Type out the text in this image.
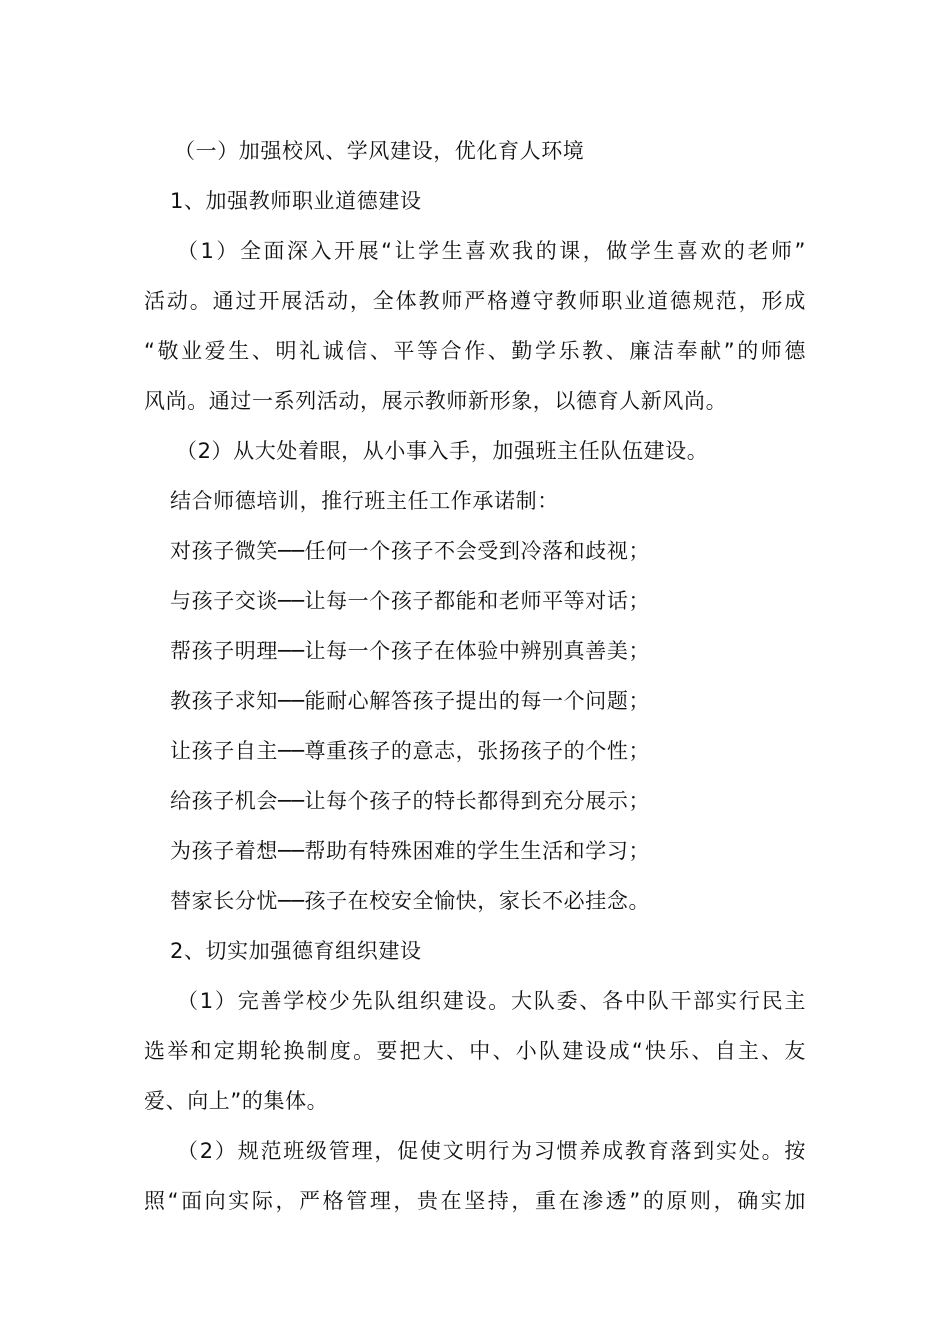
（一）加强校风、学风建设，优化育人环境
1、加强教师职业道德建设
（1）全面深入开展“让学生喜欢我的课，做学生喜欢的老师”
活动。通过开展活动，全体教师严格遵守教师职业道德规范，形成
“敬业爱生、明礼诚信、平等合作、勤学乐教、廉洁奉献”的师德
风尚。通过一系列活动，展示教师新形象，以德育人新风尚。
（2）从大处着眼，从小事入手，加强班主任队伍建设。
结合师德培训，推行班主任工作承诺制：
对孩子微笑──任何一个孩子不会受到冷落和歧视；
与孩子交谈──让每一个孩子都能和老师平等对话；
帮孩子明理──让每一个孩子在体验中辨别真善美；
教孩子求知──能耐心解答孩子提出的每一个问题；
让孩子自主──尊重孩子的意志，张扬孩子的个性；
给孩子机会──让每个孩子的特长都得到充分展示；
为孩子着想──帮助有特殊困难的学生生活和学习；
替家长分忧──孩子在校安全愉快，家长不必挂念。
2、切实加强德育组织建设
（1）完善学校少先队组织建设。大队委、各中队干部实行民主
选举和定期轮换制度。要把大、中、小队建设成“快乐、自主、友
爱、向上”的集体。
（2）规范班级管理，促使文明行为习惯养成教育落到实处。按
照“面向实际，严格管理，贵在坚持，重在渗透”的原则，确实加
